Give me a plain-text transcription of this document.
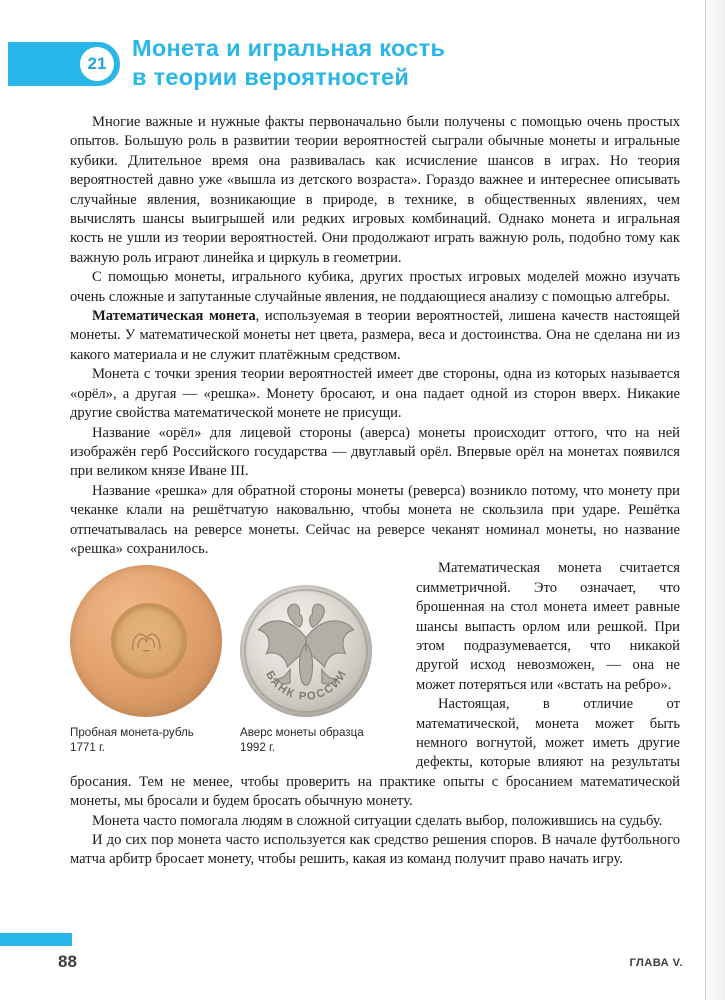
21
Монета и игральная кость
в теории вероятностей

Многие важные и нужные факты первоначально были получены с помощью очень простых опытов. Большую роль в развитии теории вероятностей сыграли обычные монеты и игральные кубики. Длительное время она развивалась как исчисление шансов в играх. Но теория вероятностей давно уже «вышла из детского возраста». Гораздо важнее и интереснее описывать случайные явления, возникающие в природе, в технике, в общественных явлениях, чем вычислять шансы выигрышей или редких игровых комбинаций. Однако монета и игральная кость не ушли из теории вероятностей. Они продолжают играть важную роль, подобно тому как важную роль играют линейка и циркуль в геометрии.

С помощью монеты, игрального кубика, других простых игровых моделей можно изучать очень сложные и запутанные случайные явления, не поддающиеся анализу с помощью алгебры.

Математическая монета, используемая в теории вероятностей, лишена качеств настоящей монеты. У математической монеты нет цвета, размера, веса и достоинства. Она не сделана ни из какого материала и не служит платёжным средством.

Монета с точки зрения теории вероятностей имеет две стороны, одна из которых называется «орёл», а другая — «решка». Монету бросают, и она падает одной из сторон вверх. Никакие другие свойства математической монете не присущи.

Название «орёл» для лицевой стороны (аверса) монеты происходит оттого, что на ней изображён герб Российского государства — двуглавый орёл. Впервые орёл на монетах появился при великом князе Иване III.

Название «решка» для обратной стороны монеты (реверса) возникло потому, что монету при чеканке клали на решётчатую наковальню, чтобы монета не скользила при ударе. Решётка отпечатывалась на реверсе монеты. Сейчас на реверсе чеканят номинал монеты, но название «решка» сохранилось.

Пробная монета-рубль 1771 г.
БАНК РОССИИ
Аверс монеты образца 1992 г.

Математическая монета считается симметричной. Это означает, что брошенная на стол монета имеет равные шансы выпасть орлом или решкой. При этом подразумевается, что никакой другой исход невозможен, — она не может потеряться или «встать на ребро».

Настоящая, в отличие от математической, монета может быть немного вогнутой, может иметь другие дефекты, которые влияют на результаты бросания. Тем не менее, чтобы проверить на практике опыты с бросанием математической монеты, мы бросали и будем бросать обычную монету.

Монета часто помогала людям в сложной ситуации сделать выбор, положившись на судьбу.

И до сих пор монета часто используется как средство решения споров. В начале футбольного матча арбитр бросает монету, чтобы решить, какая из команд получит право начать игру.

88	ГЛАВА V.
